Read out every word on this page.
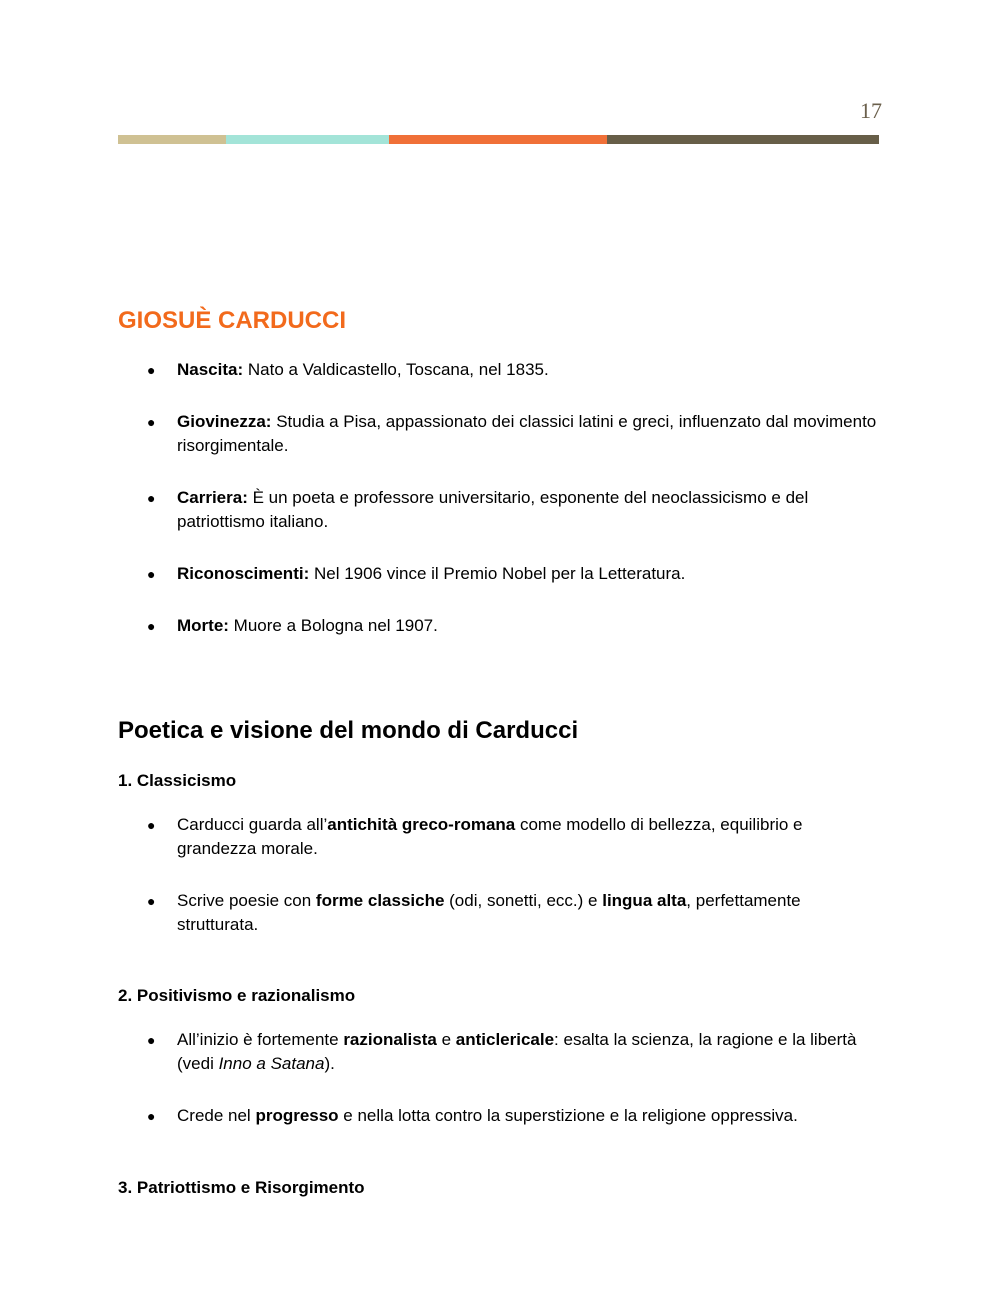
17
GIOSUÈ CARDUCCI
● Nascita: Nato a Valdicastello, Toscana, nel 1835.
● Giovinezza: Studia a Pisa, appassionato dei classici latini e greci, influenzato dal movimento risorgimentale.
● Carriera: È un poeta e professore universitario, esponente del neoclassicismo e del patriottismo italiano.
● Riconoscimenti: Nel 1906 vince il Premio Nobel per la Letteratura.
● Morte: Muore a Bologna nel 1907.
Poetica e visione del mondo di Carducci
1. Classicismo
● Carducci guarda all’antichità greco-romana come modello di bellezza, equilibrio e grandezza morale.
● Scrive poesie con forme classiche (odi, sonetti, ecc.) e lingua alta, perfettamente strutturata.
2. Positivismo e razionalismo
● All’inizio è fortemente razionalista e anticlericale: esalta la scienza, la ragione e la libertà (vedi Inno a Satana).
● Crede nel progresso e nella lotta contro la superstizione e la religione oppressiva.
3. Patriottismo e Risorgimento
